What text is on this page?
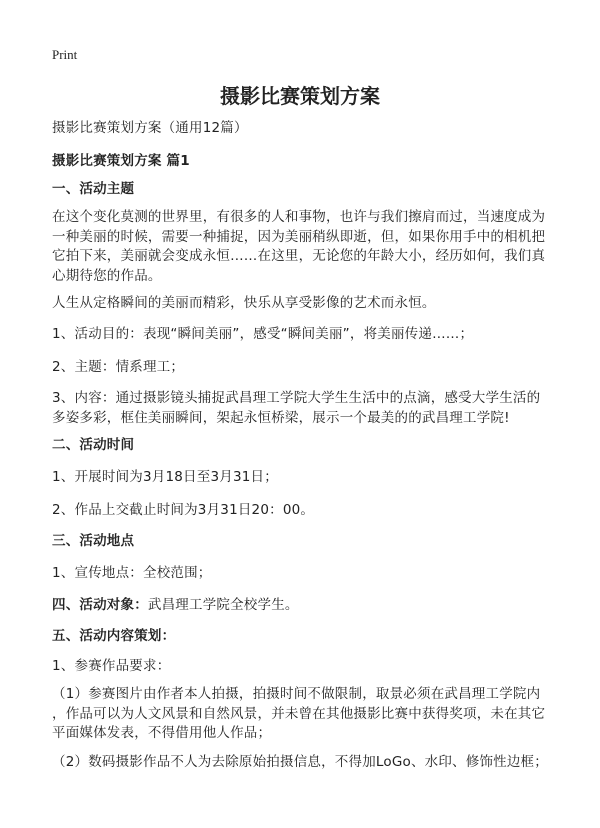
Print
摄影比赛策划方案
摄影比赛策划方案（通用12篇）
摄影比赛策划方案 篇1
一、活动主题
在这个变化莫测的世界里，有很多的人和事物，也许与我们擦肩而过，当速度成为
一种美丽的时候，需要一种捕捉，因为美丽稍纵即逝，但，如果你用手中的相机把
它拍下来，美丽就会变成永恒……在这里，无论您的年龄大小，经历如何，我们真
心期待您的作品。
人生从定格瞬间的美丽而精彩，快乐从享受影像的艺术而永恒。
1、活动目的：表现“瞬间美丽”，感受“瞬间美丽”，将美丽传递……；
2、主题：情系理工；
3、内容：通过摄影镜头捕捉武昌理工学院大学生生活中的点滴，感受大学生活的
多姿多彩，框住美丽瞬间，架起永恒桥梁，展示一个最美的的武昌理工学院!
二、活动时间
1、开展时间为3月18日至3月31日；
2、作品上交截止时间为3月31日20：00。
三、活动地点
1、宣传地点：全校范围；
四、活动对象：武昌理工学院全校学生。
五、活动内容策划：
1、参赛作品要求：
（1）参赛图片由作者本人拍摄，拍摄时间不做限制，取景必须在武昌理工学院内
，作品可以为人文风景和自然风景，并未曾在其他摄影比赛中获得奖项，未在其它
平面媒体发表，不得借用他人作品；
（2）数码摄影作品不人为去除原始拍摄信息，不得加LoGo、水印、修饰性边框；
